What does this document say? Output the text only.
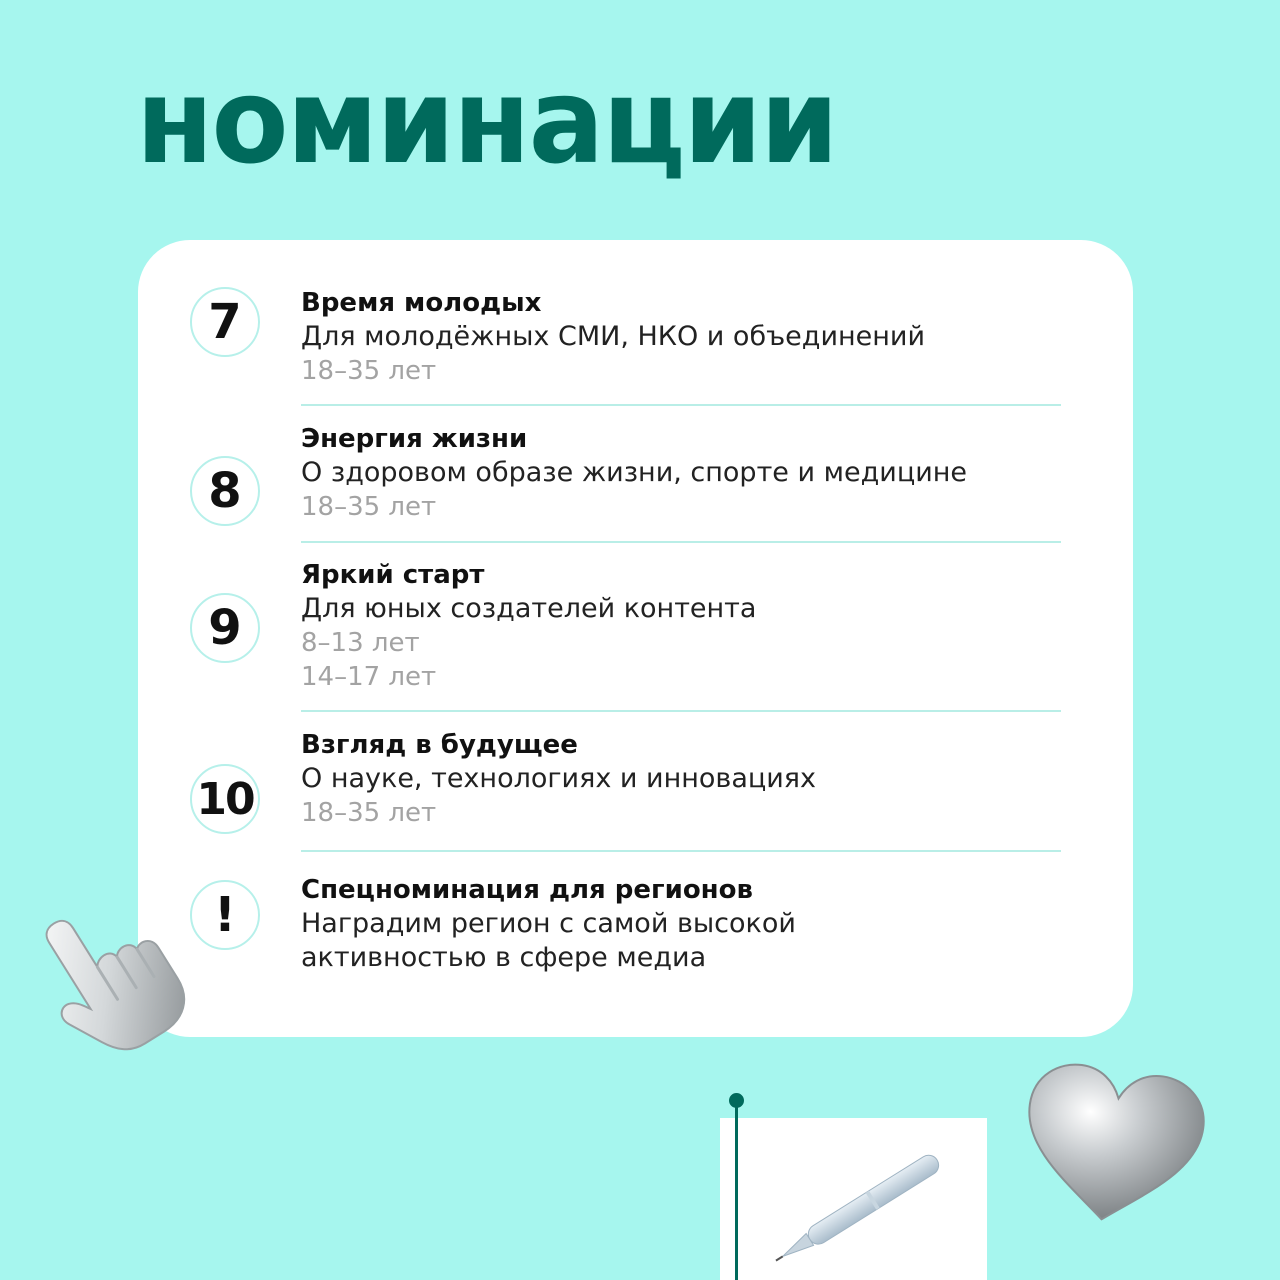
номинации
7	Время молодых
Для молодёжных СМИ, НКО и объединений
18–35 лет
8
Энергия жизни
О здоровом образе жизни, спорте и медицине
18–35 лет
9
Яркий старт
Для юных создателей контента
8–13 лет
14–17 лет
10
Взгляд в будущее
О науке, технологиях и инновациях
18–35 лет
!	Спецноминация для регионов
Наградим регион с самой высокой
активностью в сфере медиа
